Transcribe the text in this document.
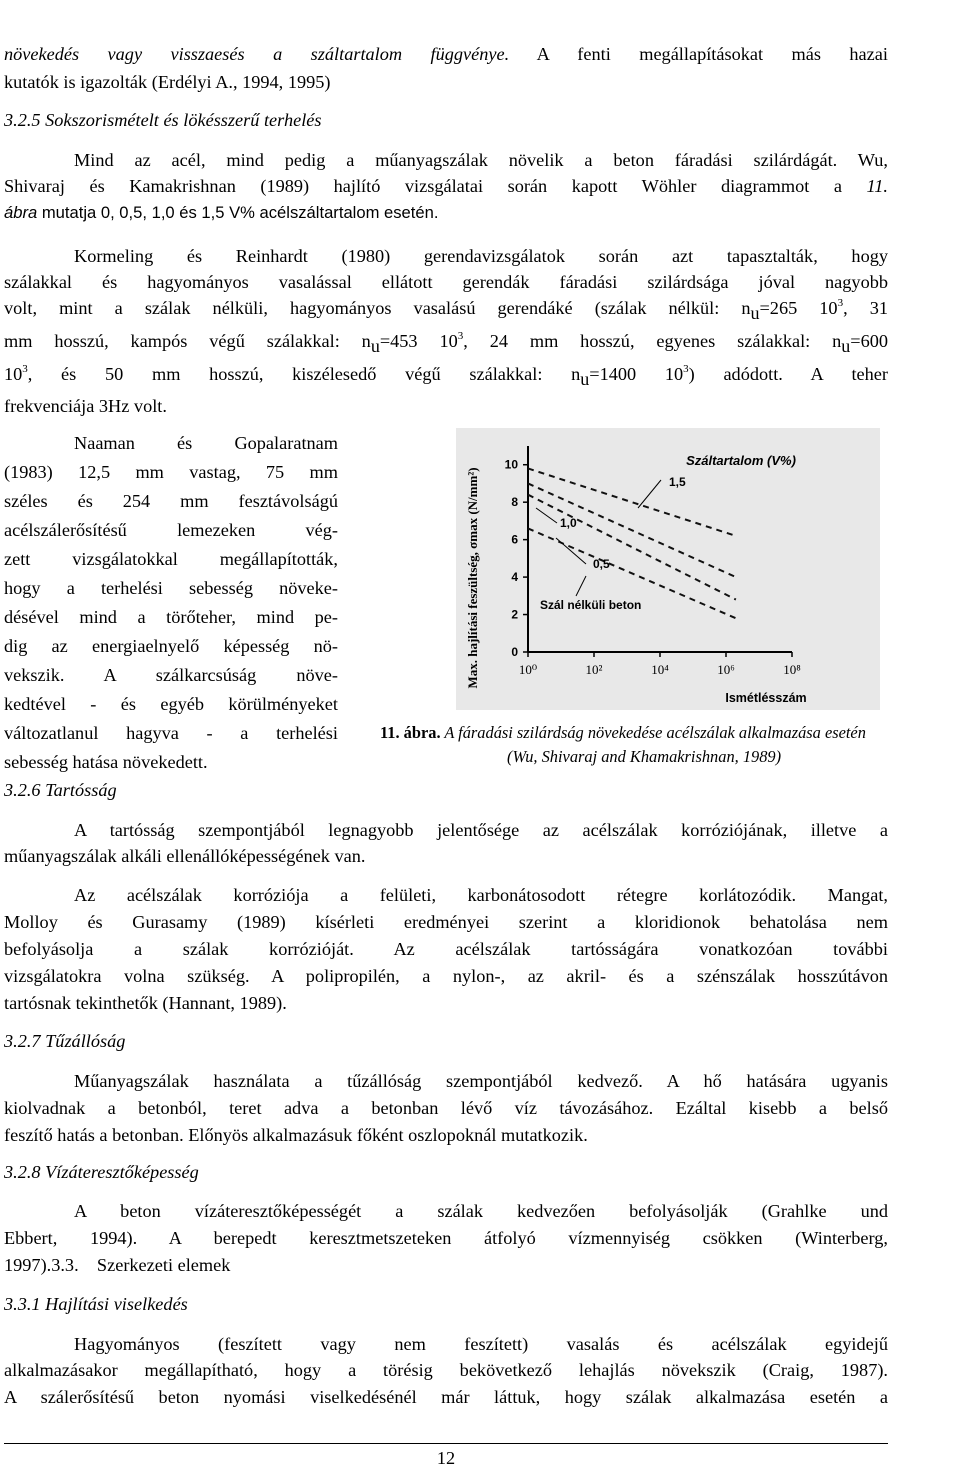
növekedés vagy visszaesés a száltartalom függvénye. A fenti megállapításokat más hazai
kutatók is igazolták (Erdélyi A., 1994, 1995)
3.2.5 Sokszorismételt és lökésszerű terhelés
Mind az acél, mind pedig a műanyagszálak növelik a beton fáradási szilárdágát. Wu,
Shivaraj és Kamakrishnan (1989) hajlító vizsgálatai során kapott Wöhler diagrammot a 11.
ábra mutatja 0, 0,5, 1,0 és 1,5 V% acélszáltartalom esetén.
Kormeling és Reinhardt (1980) gerendavizsgálatok során azt tapasztalták, hogy
szálakkal és hagyományos vasalással ellátott gerendák fáradási szilárdsága jóval nagyobb
volt, mint a szálak nélküli, hagyományos vasalású gerendáké (szálak nélkül: $n_u=265$ $10^3$, 31
mm hosszú, kampós végű szálakkal: $n_u=453$ $10^3$, 24 mm hosszú, egyenes szálakkal: $n_u=600$
$10^3$, és 50 mm hosszú, kiszélesedő végű szálakkal: $n_u=1400$ $10^3$) adódott. A teher
frekvenciája 3Hz volt.
Naaman és Gopalaratnam
(1983) 12,5 mm vastag, 75 mm
széles és 254 mm fesztávolságú
acélszálerősítésű lemezeken vég-
zett vizsgálatokkal megállapították,
hogy a terhelési sebesség növeke-
désével mind a törőteher, mind pe-
dig az energiaelnyelő képesség nö-
vekszik. A szálkarcsúság növe-
kedtével - és egyéb körülményeket
változatlanul hagyva - a terhelési
sebesség hatása növekedett.
0
2
4
6
8
10
10⁰	10²	10⁴	10⁶	10⁸
1,5
1,0
0,5
Szál nélküli beton
Max. hajlítási feszültség, σmax (N/mm²)
Ismétlésszám
Száltartalom (V%)
11. ábra. A fáradási szilárdság növekedése acélszálak alkalmazása esetén
(Wu, Shivaraj and Khamakrishnan, 1989)
3.2.6 Tartósság
A tartósság szempontjából legnagyobb jelentősége az acélszálak korróziójának, illetve a
műanyagszálak alkáli ellenállóképességének van.
Az acélszálak korróziója a felületi, karbonátosodott rétegre korlátozódik. Mangat,
Molloy és Gurasamy (1989) kísérleti eredményei szerint a kloridionok behatolása nem
befolyásolja a szálak korrózióját. Az acélszálak tartósságára vonatkozóan további
vizsgálatokra volna szükség. A polipropilén, a nylon-, az akril- és a szénszálak hosszútávon
tartósnak tekinthetők (Hannant, 1989).
3.2.7 Tűzállóság
Műanyagszálak használata a tűzállóság szempontjából kedvező. A hő hatására ugyanis
kiolvadnak a betonból, teret adva a betonban lévő víz távozásához. Ezáltal kisebb a belső
feszítő hatás a betonban. Előnyös alkalmazásuk főként oszlopoknál mutatkozik.
3.2.8 Vízáteresztőképesség
A beton vízáteresztőképességét a szálak kedvezően befolyásolják (Grahlke und
Ebbert, 1994). A berepedt keresztmetszeteken átfolyó vízmennyiség csökken (Winterberg,
1997).3.3.    Szerkezeti elemek
3.3.1 Hajlítási viselkedés
Hagyományos (feszített vagy nem feszített) vasalás és acélszálak egyidejű
alkalmazásakor megállapítható, hogy a törésig bekövetkező lehajlás növekszik (Craig, 1987).
A szálerősítésű beton nyomási viselkedésénél már láttuk, hogy szálak alkalmazása esetén a
12
